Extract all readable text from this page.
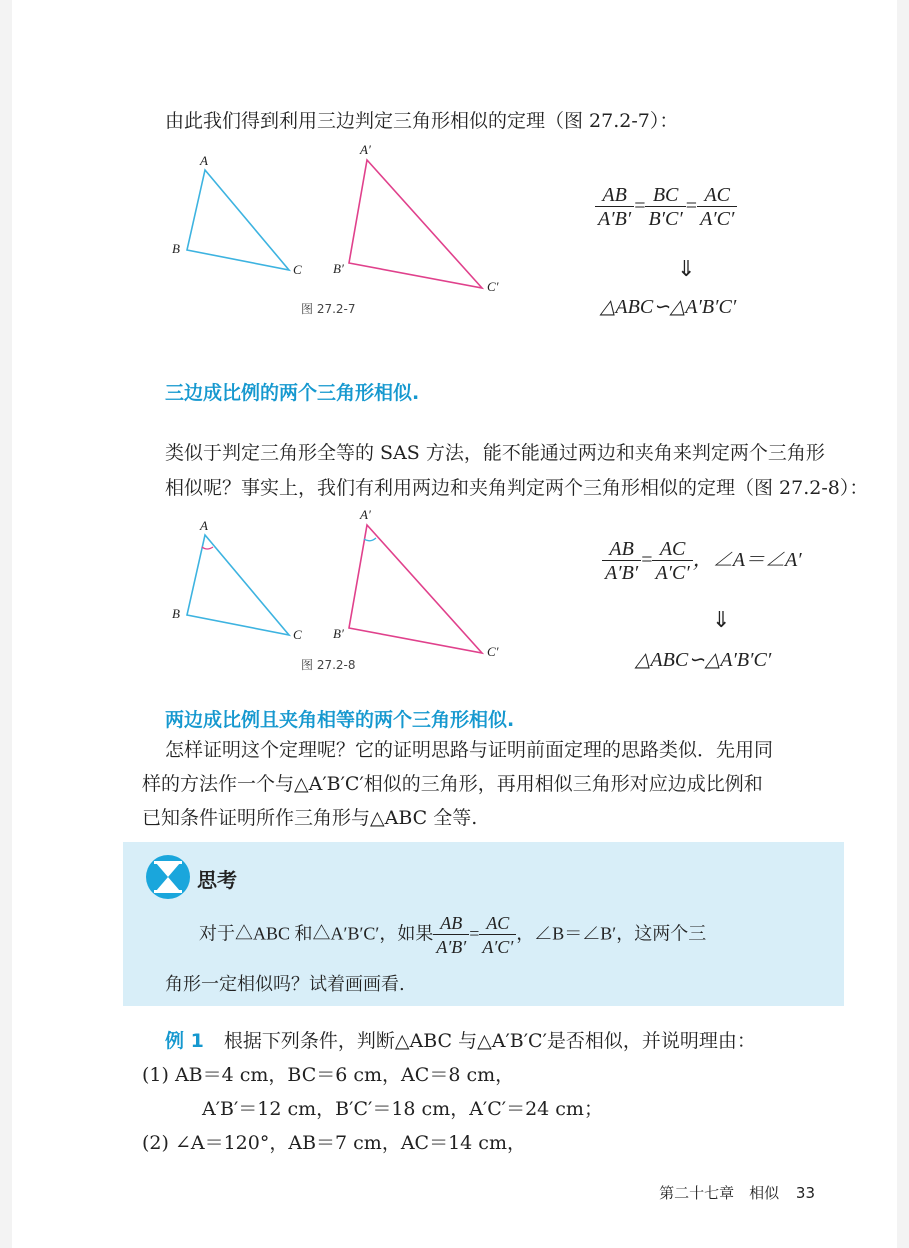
由此我们得到利用三边判定三角形相似的定理（图 27.2-7）：
A
B
C
A′
B′
C′
图 27.2-7
$\frac{AB}{A'B'} = \frac{BC}{B'C'} = \frac{AC}{A'C'}$
⇓
△ABC∽△A′B′C′
三边成比例的两个三角形相似.
类似于判定三角形全等的 SAS 方法，能不能通过两边和夹角来判定两个三角形
相似呢？事实上，我们有利用两边和夹角判定两个三角形相似的定理（图 27.2-8）：
A
B
C
A′
B′
C′
图 27.2-8
$\frac{AB}{A'B'} = \frac{AC}{A'C'}$ ，∠A＝∠A′
⇓
△ABC∽△A′B′C′
两边成比例且夹角相等的两个三角形相似.
怎样证明这个定理呢？它的证明思路与证明前面定理的思路类似．先用同
样的方法作一个与△A′B′C′相似的三角形，再用相似三角形对应边成比例和
已知条件证明所作三角形与△ABC 全等.
思考
对于△ABC 和△A′B′C′，如果 $\frac{AB}{A'B'} = \frac{AC}{A'C'}$ ，∠B＝∠B′，这两个三
角形一定相似吗？试着画画看.
例 1 根据下列条件，判断△ABC 与△A′B′C′是否相似，并说明理由：
(1) AB＝4 cm，BC＝6 cm，AC＝8 cm，
A′B′＝12 cm，B′C′＝18 cm，A′C′＝24 cm；
(2) ∠A＝120°，AB＝7 cm，AC＝14 cm，
第二十七章　相似 33
